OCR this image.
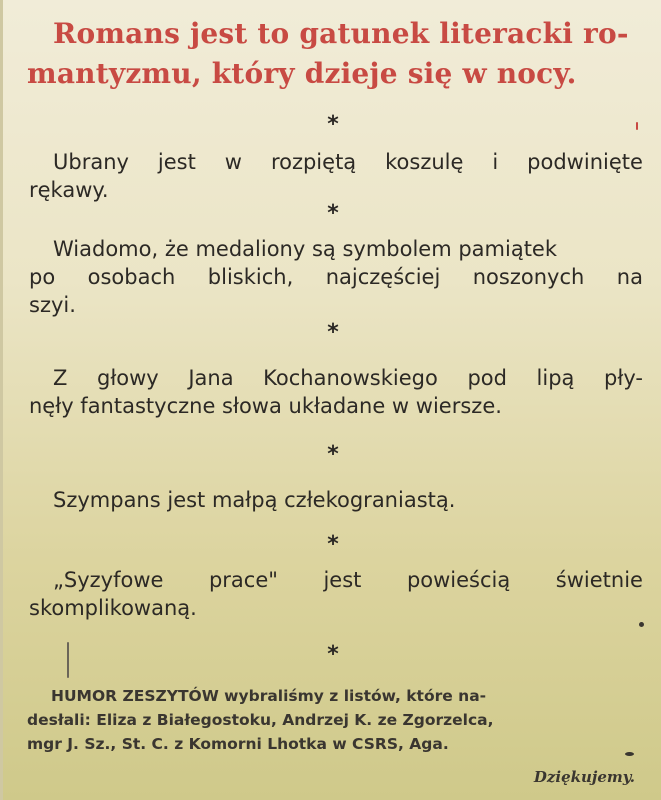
Romans jest to gatunek literacki ro-
mantyzmu, który dzieje się w nocy.
*
Ubrany jest w rozpiętą koszulę i podwinięte
rękawy.
*
Wiadomo, że medaliony są symbolem pamiątek
po osobach bliskich, najczęściej noszonych na
szyi.
*
Z głowy Jana Kochanowskiego pod lipą pły-
nęły fantastyczne słowa układane w wiersze.
*
Szympans jest małpą człekograniastą.
*
„Syzyfowe prace" jest powieścią świetnie
skomplikowaną.
*
HUMOR ZESZYTÓW wybraliśmy z listów, które na-
desłali: Eliza z Białegostoku, Andrzej K. ze Zgorzelca,
mgr J. Sz., St. C. z Komorni Lhotka w CSRS, Aga.
Dziękujemy.
